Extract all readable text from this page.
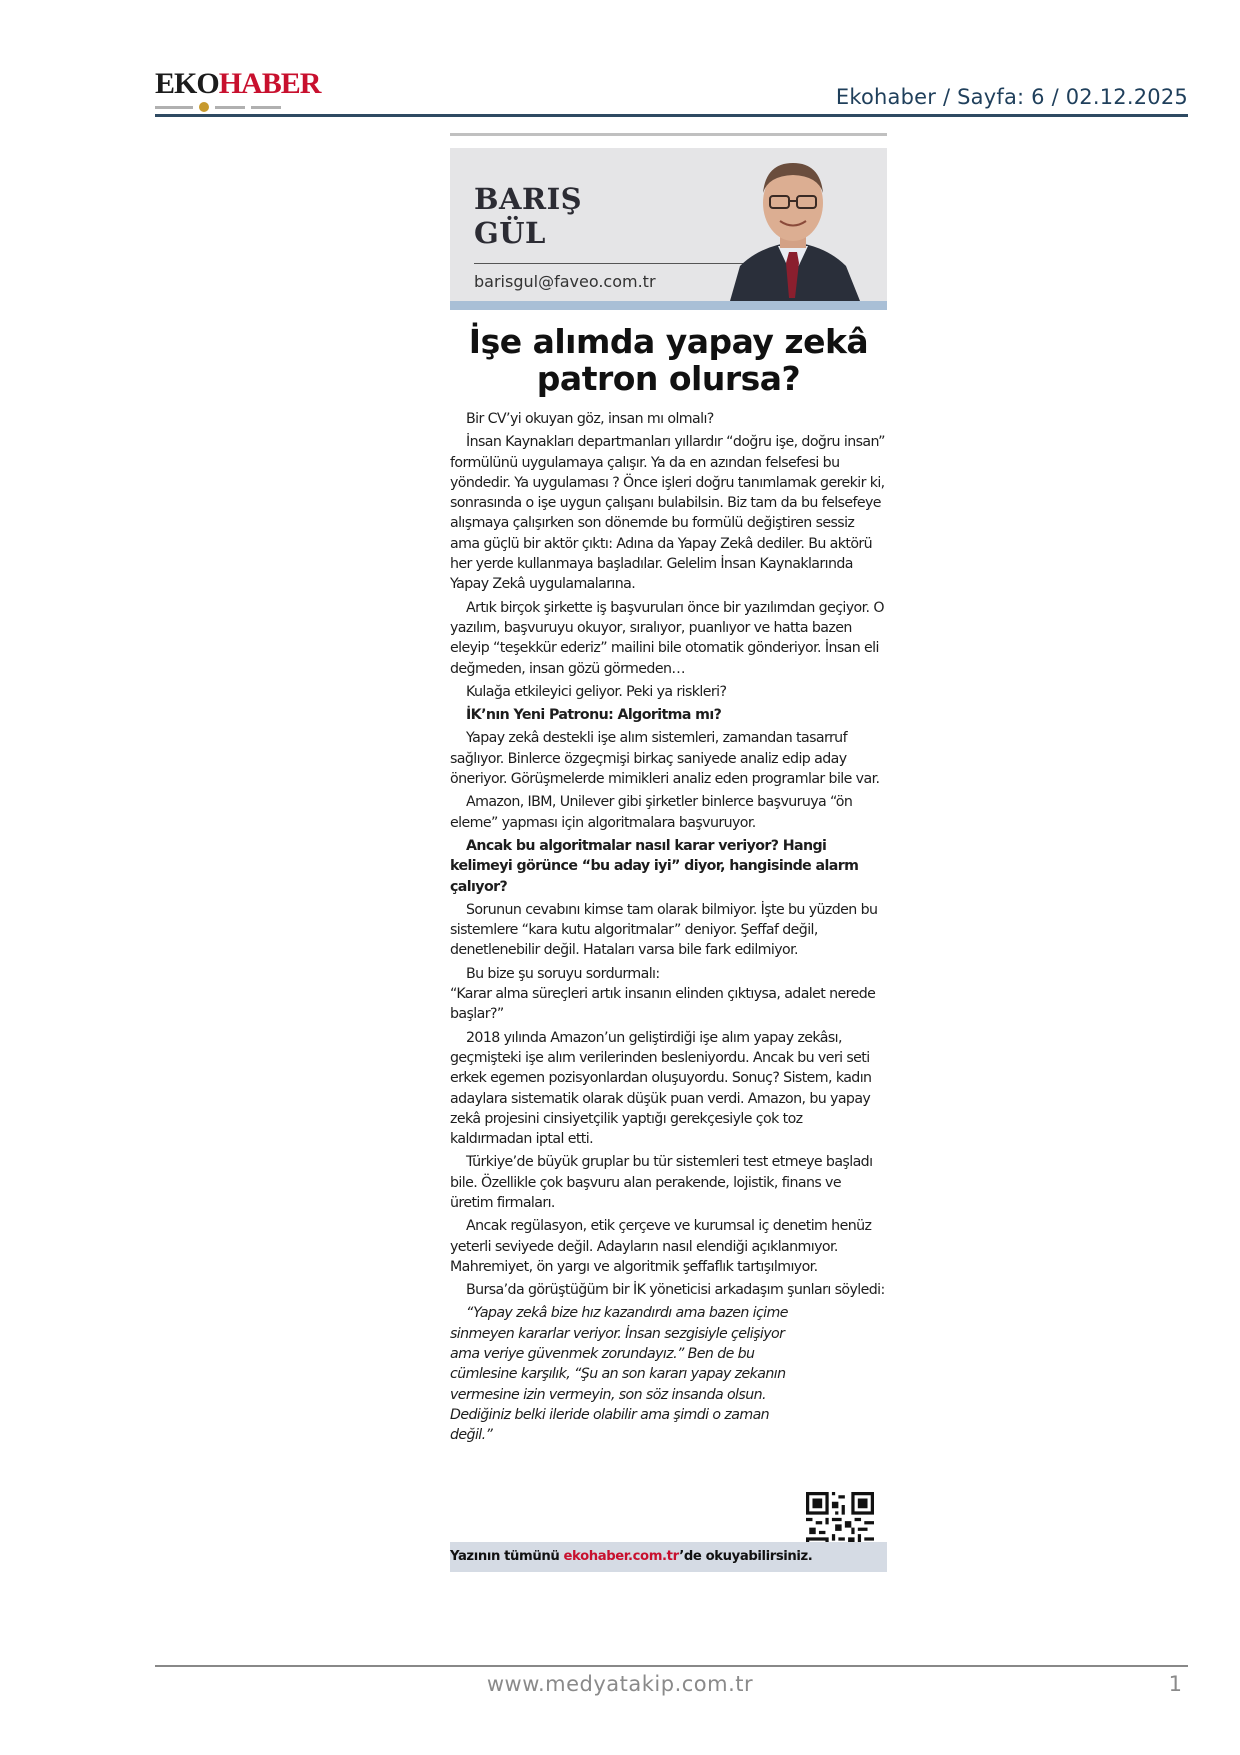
EKOHABER	Ekohaber / Sayfa: 6 / 02.12.2025
BARIŞ
GÜL
barisgul@faveo.com.tr
İşe alımda yapay zekâ
patron olursa?

Bir CV’yi okuyan göz, insan mı olmalı?

İnsan Kaynakları departmanları yıllardır “doğru işe, doğru insan” formülünü uygulamaya çalışır. Ya da en azından felsefesi bu yöndedir. Ya uygulaması ? Önce işleri doğru tanımlamak gerekir ki, sonrasında o işe uygun çalışanı bulabilsin. Biz tam da bu felsefeye alışmaya çalışırken son dönemde bu formülü değiştiren sessiz ama güçlü bir aktör çıktı: Adına da Yapay Zekâ dediler. Bu aktörü her yerde kullanmaya başladılar. Gelelim İnsan Kaynaklarında Yapay Zekâ uygulamalarına.

Artık birçok şirkette iş başvuruları önce bir yazılımdan geçiyor. O yazılım, başvuruyu okuyor, sıralıyor, puanlıyor ve hatta bazen eleyip “teşekkür ederiz” mailini bile otomatik gönderiyor. İnsan eli değmeden, insan gözü görmeden…

Kulağa etkileyici geliyor. Peki ya riskleri?

İK’nın Yeni Patronu: Algoritma mı?

Yapay zekâ destekli işe alım sistemleri, zamandan tasarruf sağlıyor. Binlerce özgeçmişi birkaç saniyede analiz edip aday öneriyor. Görüşmelerde mimikleri analiz eden programlar bile var.

Amazon, IBM, Unilever gibi şirketler binlerce başvuruya “ön eleme” yapması için algoritmalara başvuruyor.

Ancak bu algoritmalar nasıl karar veriyor? Hangi kelimeyi görünce “bu aday iyi” diyor, hangisinde alarm çalıyor?

Sorunun cevabını kimse tam olarak bilmiyor. İşte bu yüzden bu sistemlere “kara kutu algoritmalar” deniyor. Şeffaf değil, denetlenebilir değil. Hataları varsa bile fark edilmiyor.

Bu bize şu soruyu sordurmalı:

“Karar alma süreçleri artık insanın elinden çıktıysa, adalet nerede başlar?”

2018 yılında Amazon’un geliştirdiği işe alım yapay zekâsı, geçmişteki işe alım verilerinden besleniyordu. Ancak bu veri seti erkek egemen pozisyonlardan oluşuyordu. Sonuç? Sistem, kadın adaylara sistematik olarak düşük puan verdi. Amazon, bu yapay zekâ projesini cinsiyetçilik yaptığı gerekçesiyle çok toz kaldırmadan iptal etti.

Türkiye’de büyük gruplar bu tür sistemleri test etmeye başladı bile. Özellikle çok başvuru alan perakende, lojistik, finans ve üretim firmaları.

Ancak regülasyon, etik çerçeve ve kurumsal iç denetim henüz yeterli seviyede değil. Adayların nasıl elendiği açıklanmıyor. Mahremiyet, ön yargı ve algoritmik şeffaflık tartışılmıyor.

Bursa’da görüştüğüm bir İK yöneticisi arkadaşım şunları söyledi:

“Yapay zekâ bize hız kazandırdı ama bazen içime sinmeyen kararlar veriyor. İnsan sezgisiyle çelişiyor ama veriye güvenmek zorundayız.” Ben de bu cümlesine karşılık, “Şu an son kararı yapay zekanın vermesine izin vermeyin, son söz insanda olsun. Dediğiniz belki ileride olabilir ama şimdi o zaman değil.”

Yazının tümünü ekohaber.com.tr’de okuyabilirsiniz.
www.medyatakip.com.tr	1
